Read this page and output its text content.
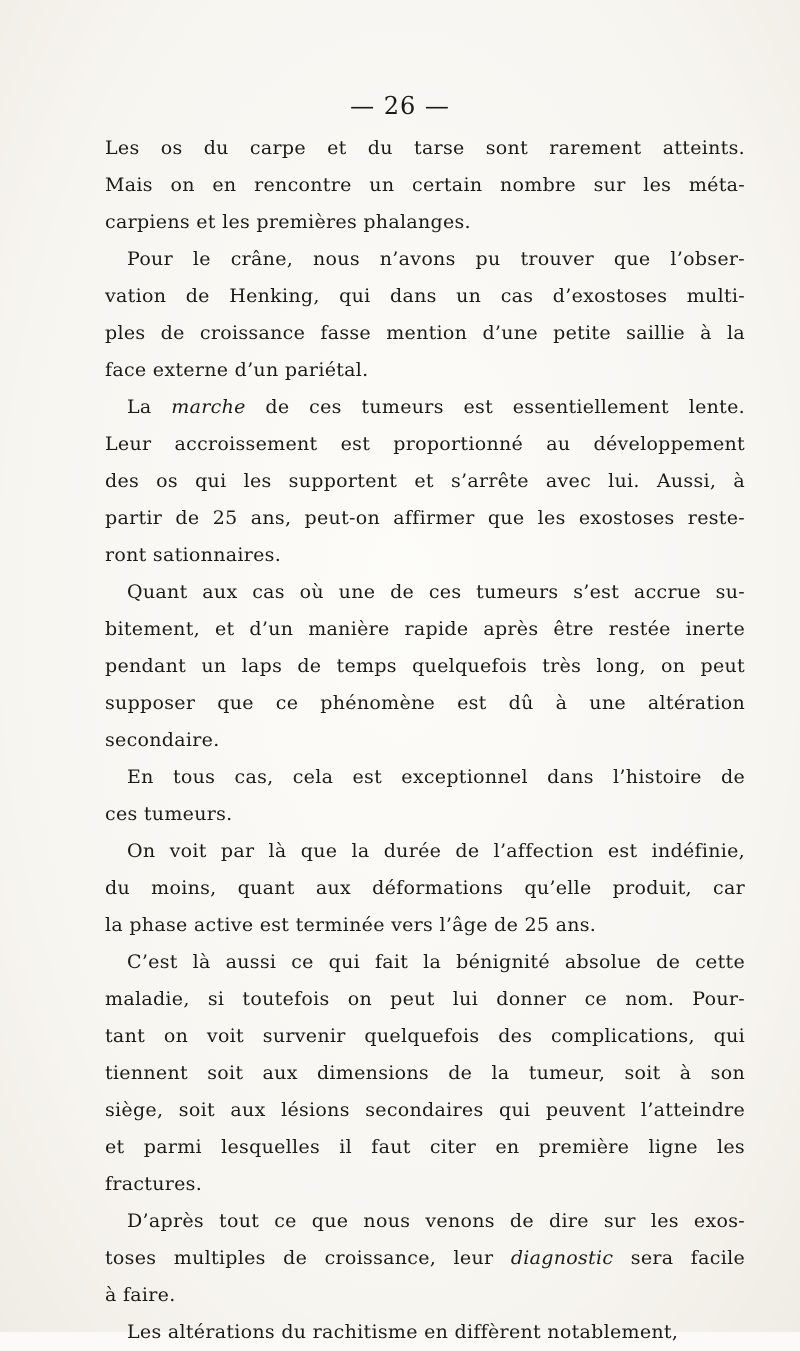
— 26 —
Les os du carpe et du tarse sont rarement atteints.
Mais on en rencontre un certain nombre sur les méta-
carpiens et les premières phalanges.
Pour le crâne, nous n’avons pu trouver que l’obser-
vation de Henking, qui dans un cas d’exostoses multi-
ples de croissance fasse mention d’une petite saillie à la
face externe d’un pariétal.
La marche de ces tumeurs est essentiellement lente.
Leur accroissement est proportionné au développement
des os qui les supportent et s’arrête avec lui. Aussi, à
partir de 25 ans, peut-on affirmer que les exostoses reste-
ront sationnaires.
Quant aux cas où une de ces tumeurs s’est accrue su-
bitement, et d’un manière rapide après être restée inerte
pendant un laps de temps quelquefois très long, on peut
supposer que ce phénomène est dû à une altération
secondaire.
En tous cas, cela est exceptionnel dans l’histoire de
ces tumeurs.
On voit par là que la durée de l’affection est indéfinie,
du moins, quant aux déformations qu’elle produit, car
la phase active est terminée vers l’âge de 25 ans.
C’est là aussi ce qui fait la bénignité absolue de cette
maladie, si toutefois on peut lui donner ce nom. Pour-
tant on voit survenir quelquefois des complications, qui
tiennent soit aux dimensions de la tumeur, soit à son
siège, soit aux lésions secondaires qui peuvent l’atteindre
et parmi lesquelles il faut citer en première ligne les
fractures.
D’après tout ce que nous venons de dire sur les exos-
toses multiples de croissance, leur diagnostic sera facile
à faire.
Les altérations du rachitisme en diffèrent notablement,
